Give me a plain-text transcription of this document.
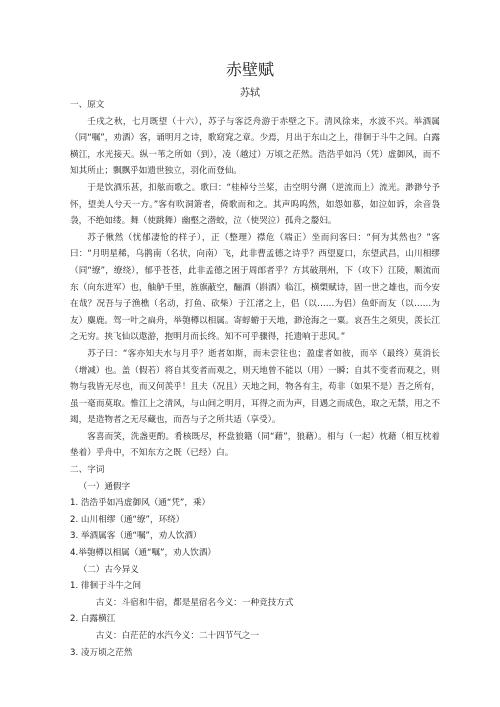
赤壁赋
苏轼

一、原文

壬戌之秋，七月既望（十六），苏子与客泛舟游于赤壁之下。清风徐来，水波不兴。举酒属（同“嘱”，劝酒）客，诵明月之诗，歌窈窕之章。少焉，月出于东山之上，徘徊于斗牛之间。白露横江，水光接天。纵一苇之所如（到），凌（越过）万顷之茫然。浩浩乎如冯（凭）虚御风，而不知其所止；飘飘乎如遗世独立，羽化而登仙。

于是饮酒乐甚，扣舷而歌之。歌曰：“桂棹兮兰桨，击空明兮溯（逆流而上）流光。渺渺兮予怀，望美人兮天一方。”客有吹洞箫者，倚歌而和之。其声呜呜然，如怨如慕，如泣如诉，余音袅袅，不绝如缕。舞（使跳舞）幽壑之潜蛟，泣（使哭泣）孤舟之嫠妇。

苏子愀然（忧郁凄怆的样子），正（整理）襟危（端正）坐而问客曰：“何为其然也？”客曰：“月明星稀，乌鹊南（名状，向南）飞，此非曹孟德之诗乎？西望夏口，东望武昌，山川相缪（同“缭”，缭绕），郁乎苍苍，此非孟德之困于周郎者乎？方其破荆州，下（攻下）江陵，顺流而东（向东进军）也，舳舻千里，旌旗蔽空，酾酒（斟酒）临江，横槊赋诗，固一世之雄也，而今安在哉？况吾与子渔樵（名动，打鱼、砍柴）于江渚之上，侣（以……为侣）鱼虾而友（以……为友）麋鹿。驾一叶之扁舟，举匏樽以相属。寄蜉蝣于天地，渺沧海之一粟。哀吾生之须臾，羡长江之无穷。挟飞仙以遨游，抱明月而长终。知不可乎骤得，托遗响于悲风。”

苏子曰：“客亦知夫水与月乎？逝者如斯，而未尝往也；盈虚者如彼，而卒（最终）莫消长（增减）也。盖（假若）将自其变者而观之，则天地曾不能以（用）一瞬；自其不变者而观之，则物与我皆无尽也，而又何羡乎！且夫（况且）天地之间，物各有主，苟非（如果不是）吾之所有，虽一毫而莫取。惟江上之清风，与山间之明月，耳得之而为声，目遇之而成色，取之无禁，用之不竭，是造物者之无尽藏也，而吾与子之所共适（享受）。

客喜而笑，洗盏更酌。肴核既尽，杯盘狼籍（同“藉”，狼藉）。相与（一起）枕藉（相互枕着垫着）乎舟中，不知东方之既（已经）白。

二、字词

（一）通假字

1. 浩浩乎如冯虚御风（通“凭”，乘）

2. 山川相缪（通“缭”，环绕）

3. 举酒属客（通“嘱”，劝人饮酒）

4.举匏樽以相属（通“嘱”，劝人饮酒）

（二）古今异义

1. 徘徊于斗牛之间

古义：斗宿和牛宿，都是星宿名今义：一种竞技方式

2. 白露横江

古义：白茫茫的水汽今义：二十四节气之一

3. 凌万顷之茫然
